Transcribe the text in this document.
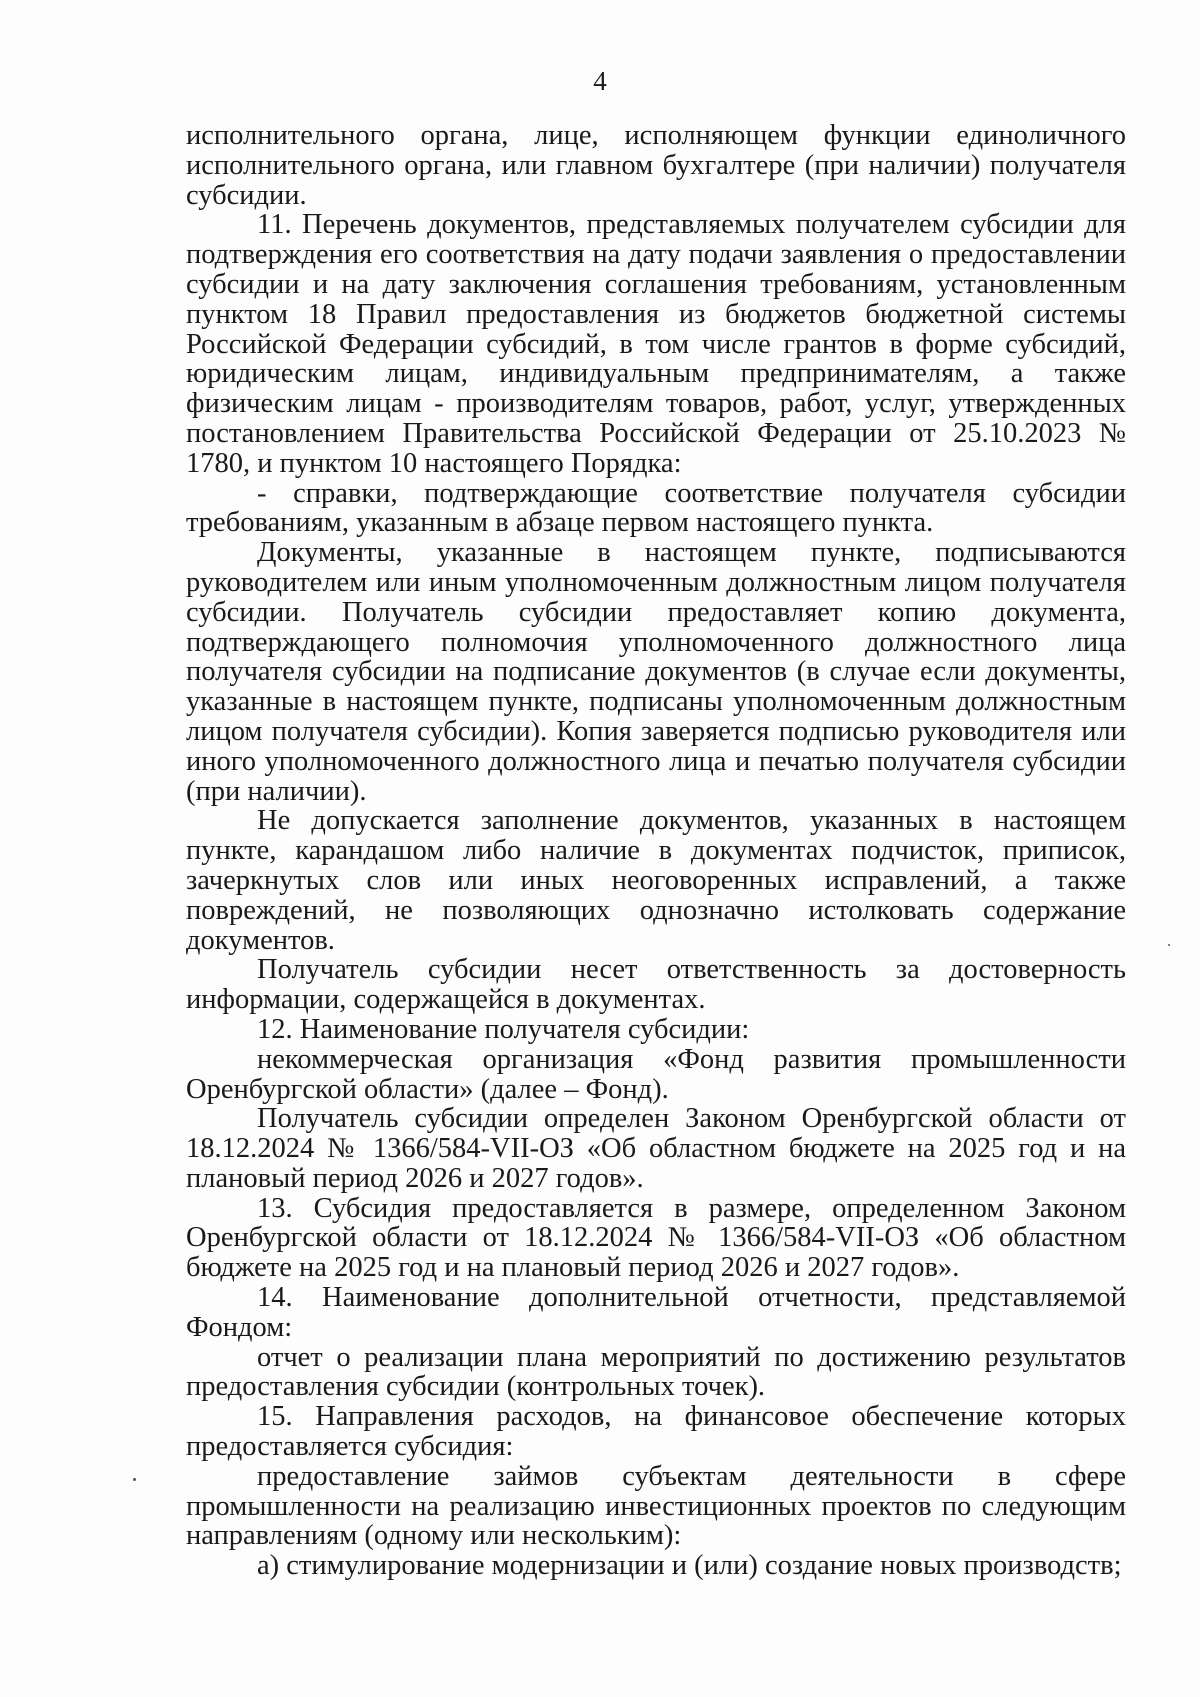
4

исполнительного органа, лице, исполняющем функции единоличного исполнительного органа, или главном бухгалтере (при наличии) получателя субсидии.

11. Перечень документов, представляемых получателем субсидии для подтверждения его соответствия на дату подачи заявления о предоставлении субсидии и на дату заключения соглашения требованиям, установленным пунктом 18 Правил предоставления из бюджетов бюджетной системы Российской Федерации субсидий, в том числе грантов в форме субсидий, юридическим лицам, индивидуальным предпринимателям, а также физическим лицам - производителям товаров, работ, услуг, утвержденных постановлением Правительства Российской Федерации от 25.10.2023 № 1780, и пунктом 10 настоящего Порядка:

- справки, подтверждающие соответствие получателя субсидии требованиям, указанным в абзаце первом настоящего пункта.

Документы, указанные в настоящем пункте, подписываются руководителем или иным уполномоченным должностным лицом получателя субсидии. Получатель субсидии предоставляет копию документа, подтверждающего полномочия уполномоченного должностного лица получателя субсидии на подписание документов (в случае если документы, указанные в настоящем пункте, подписаны уполномоченным должностным лицом получателя субсидии). Копия заверяется подписью руководителя или иного уполномоченного должностного лица и печатью получателя субсидии (при наличии).

Не допускается заполнение документов, указанных в настоящем пункте, карандашом либо наличие в документах подчисток, приписок, зачеркнутых слов или иных неоговоренных исправлений, а также повреждений, не позволяющих однозначно истолковать содержание документов.

Получатель субсидии несет ответственность за достоверность информации, содержащейся в документах.

12. Наименование получателя субсидии:

некоммерческая организация «Фонд развития промышленности Оренбургской области» (далее – Фонд).

Получатель субсидии определен Законом Оренбургской области от 18.12.2024 № 1366/584-VII-ОЗ «Об областном бюджете на 2025 год и на плановый период 2026 и 2027 годов».

13. Субсидия предоставляется в размере, определенном Законом Оренбургской области от 18.12.2024 № 1366/584-VII-ОЗ «Об областном бюджете на 2025 год и на плановый период 2026 и 2027 годов».

14. Наименование дополнительной отчетности, представляемой Фондом:

отчет о реализации плана мероприятий по достижению результатов предоставления субсидии (контрольных точек).

15. Направления расходов, на финансовое обеспечение которых предоставляется субсидия:

предоставление займов субъектам деятельности в сфере промышленности на реализацию инвестиционных проектов по следующим направлениям (одному или нескольким):

а) стимулирование модернизации и (или) создание новых производств;
